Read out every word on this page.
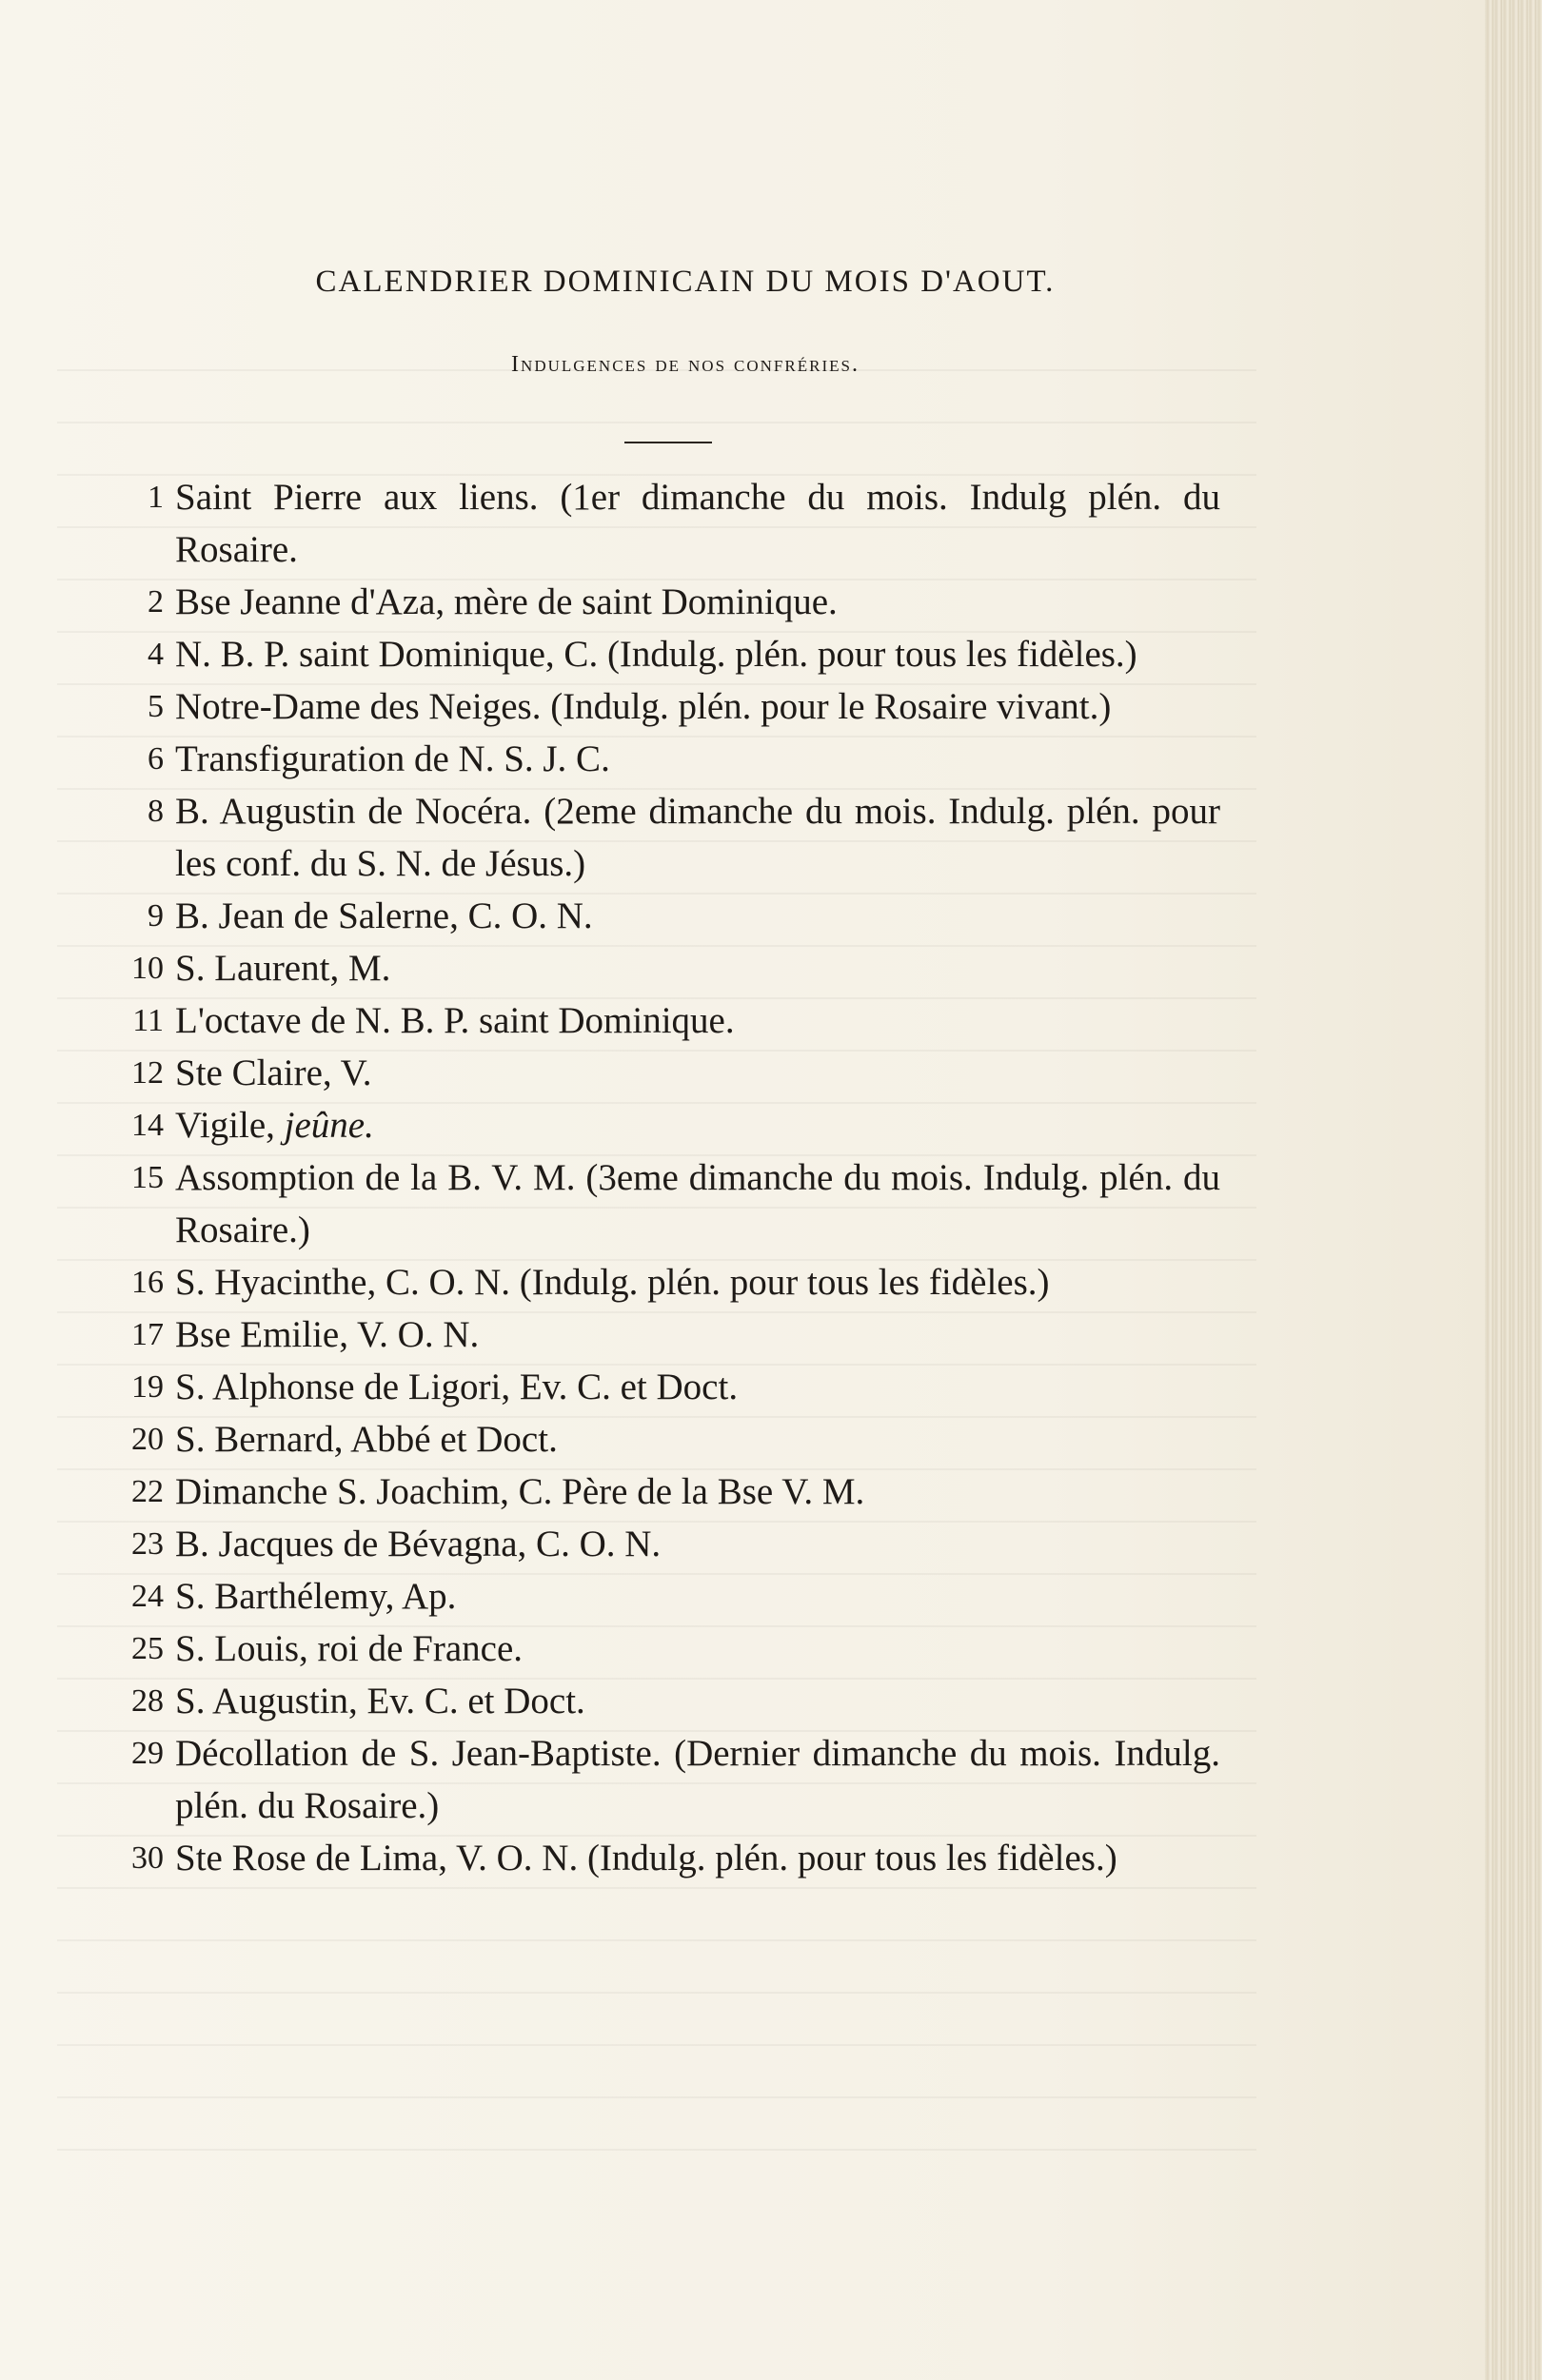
CALENDRIER DOMINICAIN DU MOIS D'AOUT.
Indulgences de nos confréries.
1 Saint Pierre aux liens. (1er dimanche du mois. Indulg plén. du Rosaire.
2 Bse Jeanne d'Aza, mère de saint Dominique.
4 N. B. P. saint Dominique, C. (Indulg. plén. pour tous les fidèles.)
5 Notre-Dame des Neiges. (Indulg. plén. pour le Rosaire vivant.)
6 Transfiguration de N. S. J. C.
8 B. Augustin de Nocéra. (2eme dimanche du mois. Indulg. plén. pour les conf. du S. N. de Jésus.)
9 B. Jean de Salerne, C. O. N.
10 S. Laurent, M.
11 L'octave de N. B. P. saint Dominique.
12 Ste Claire, V.
14 Vigile, jeûne.
15 Assomption de la B. V. M. (3eme dimanche du mois. Indulg. plén. du Rosaire.)
16 S. Hyacinthe, C. O. N. (Indulg. plén. pour tous les fidèles.)
17 Bse Emilie, V. O. N.
19 S. Alphonse de Ligori, Ev. C. et Doct.
20 S. Bernard, Abbé et Doct.
22 Dimanche S. Joachim, C. Père de la Bse V. M.
23 B. Jacques de Bévagna, C. O. N.
24 S. Barthélemy, Ap.
25 S. Louis, roi de France.
28 S. Augustin, Ev. C. et Doct.
29 Décollation de S. Jean-Baptiste. (Dernier dimanche du mois. Indulg. plén. du Rosaire.)
30 Ste Rose de Lima, V. O. N. (Indulg. plén. pour tous les fidèles.)
